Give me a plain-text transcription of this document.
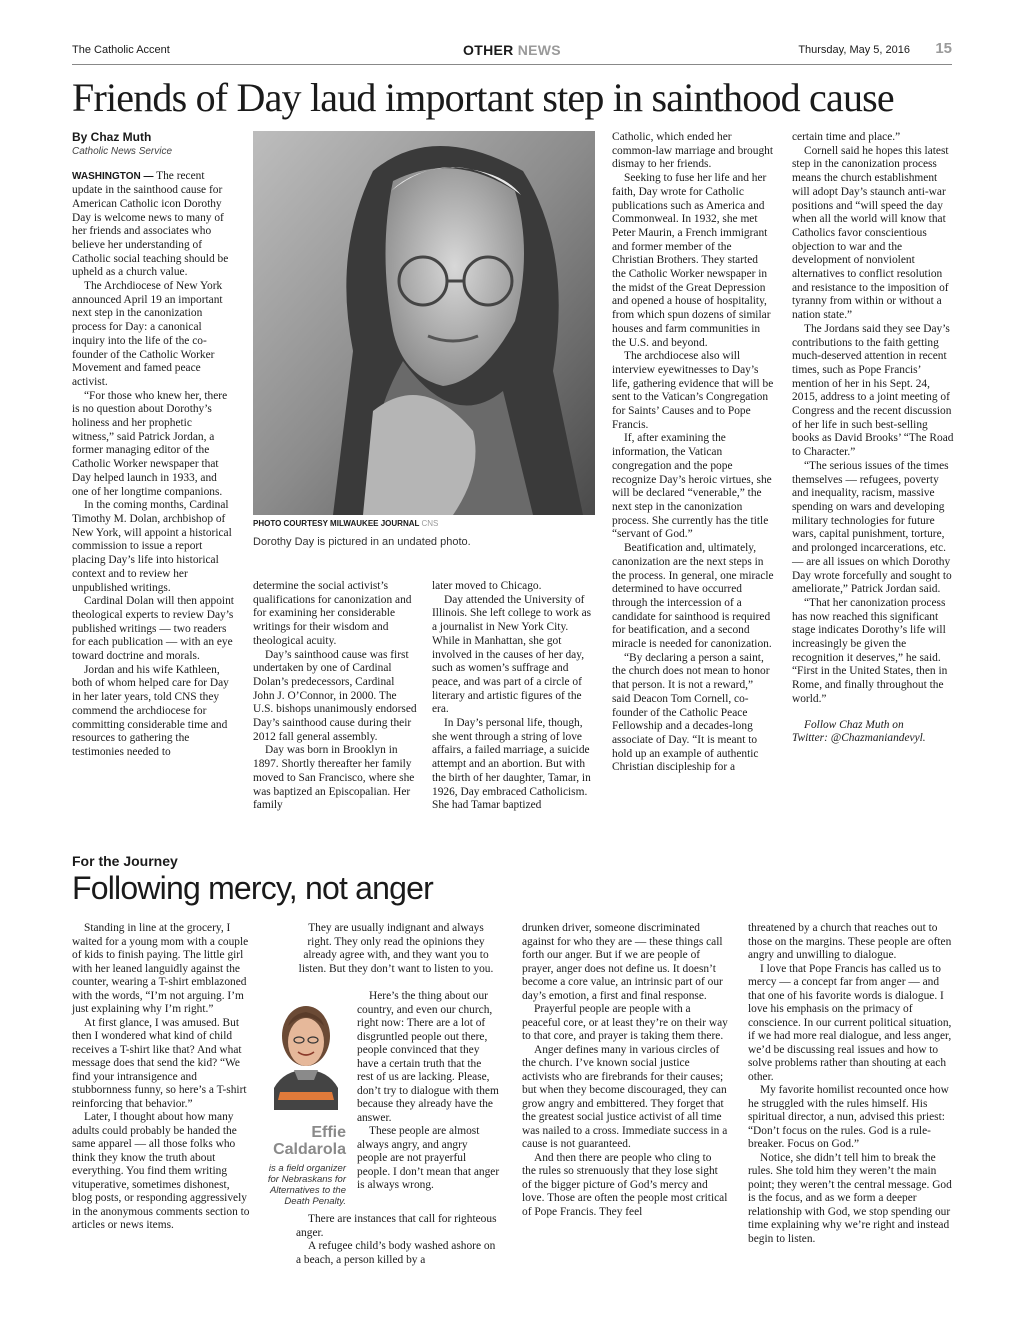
The Catholic Accent	OTHER NEWS	Thursday, May 5, 2016 15
Friends of Day laud important step in sainthood cause
By Chaz Muth
Catholic News Service

WASHINGTON — The recent update in the sainthood cause for American Catholic icon Dorothy Day is welcome news to many of her friends and associates who believe her understanding of Catholic social teaching should be upheld as a church value.

The Archdiocese of New York announced April 19 an important next step in the canonization process for Day: a canonical inquiry into the life of the co-founder of the Catholic Worker Movement and famed peace activist.

“For those who knew her, there is no question about Dorothy’s holiness and her prophetic witness,” said Patrick Jordan, a former managing editor of the Catholic Worker newspaper that Day helped launch in 1933, and one of her longtime companions.

In the coming months, Cardinal Timothy M. Dolan, archbishop of New York, will appoint a historical commission to issue a report placing Day’s life into historical context and to review her unpublished writings.

Cardinal Dolan will then appoint theological experts to review Day’s published writings — two readers for each publication — with an eye toward doctrine and morals.

Jordan and his wife Kathleen, both of whom helped care for Day in her later years, told CNS they commend the archdiocese for committing considerable time and resources to gathering the testimonies needed to

PHOTO COURTESY MILWAUKEE JOURNAL CNS
Dorothy Day is pictured in an undated photo.

determine the social activist’s qualifications for canonization and for examining her considerable writings for their wisdom and theological acuity.

Day’s sainthood cause was first undertaken by one of Cardinal Dolan’s predecessors, Cardinal John J. O’Connor, in 2000. The U.S. bishops unanimously endorsed Day’s sainthood cause during their 2012 fall general assembly.

Day was born in Brooklyn in 1897. Shortly thereafter her family moved to San Francisco, where she was baptized an Episcopalian. Her family

later moved to Chicago.

Day attended the University of Illinois. She left college to work as a journalist in New York City. While in Manhattan, she got involved in the causes of her day, such as women’s suffrage and peace, and was part of a circle of literary and artistic figures of the era.

In Day’s personal life, though, she went through a string of love affairs, a failed marriage, a suicide attempt and an abortion. But with the birth of her daughter, Tamar, in 1926, Day embraced Catholicism. She had Tamar baptized

Catholic, which ended her common-law marriage and brought dismay to her friends.

Seeking to fuse her life and her faith, Day wrote for Catholic publications such as America and Commonweal. In 1932, she met Peter Maurin, a French immigrant and former member of the Christian Brothers. They started the Catholic Worker newspaper in the midst of the Great Depression and opened a house of hospitality, from which spun dozens of similar houses and farm communities in the U.S. and beyond.

The archdiocese also will interview eyewitnesses to Day’s life, gathering evidence that will be sent to the Vatican’s Congregation for Saints’ Causes and to Pope Francis.

If, after examining the information, the Vatican congregation and the pope recognize Day’s heroic virtues, she will be declared “venerable,” the next step in the canonization process. She currently has the title “servant of God.”

Beatification and, ultimately, canonization are the next steps in the process. In general, one miracle determined to have occurred through the intercession of a candidate for sainthood is required for beatification, and a second miracle is needed for canonization.

“By declaring a person a saint, the church does not mean to honor that person. It is not a reward,” said Deacon Tom Cornell, co-founder of the Catholic Peace Fellowship and a decades-long associate of Day. “It is meant to hold up an example of authentic Christian discipleship for a

certain time and place.”

Cornell said he hopes this latest step in the canonization process means the church establishment will adopt Day’s staunch anti-war positions and “will speed the day when all the world will know that Catholics favor conscientious objection to war and the development of nonviolent alternatives to conflict resolution and resistance to the imposition of tyranny from within or without a nation state.”

The Jordans said they see Day’s contributions to the faith getting much-deserved attention in recent times, such as Pope Francis’ mention of her in his Sept. 24, 2015, address to a joint meeting of Congress and the recent discussion of her life in such best-selling books as David Brooks’ “The Road to Character.”

“The serious issues of the times themselves — refugees, poverty and inequality, racism, massive spending on wars and developing military technologies for future wars, capital punishment, torture, and prolonged incarcerations, etc. — are all issues on which Dorothy Day wrote forcefully and sought to ameliorate,” Patrick Jordan said.

“That her canonization process has now reached this significant stage indicates Dorothy’s life will increasingly be given the recognition it deserves,” he said. “First in the United States, then in Rome, and finally throughout the world.”

Follow Chaz Muth on

Twitter: @Chazmaniandevyl.

For the Journey
Following mercy, not anger

Standing in line at the grocery, I waited for a young mom with a couple of kids to finish paying. The little girl with her leaned languidly against the counter, wearing a T-shirt emblazoned with the words, “I’m not arguing. I’m just explaining why I’m right.”

At first glance, I was amused. But then I wondered what kind of child receives a T-shirt like that? And what message does that send the kid? “We find your intransigence and stubbornness funny, so here’s a T-shirt reinforcing that behavior.”

Later, I thought about how many adults could probably be handed the same apparel — all those folks who think they know the truth about everything. You find them writing vituperative, sometimes dishonest, blog posts, or responding aggressively in the anonymous comments section to articles or news items.

They are usually indignant and always right. They only read the opinions they already agree with, and they want you to listen. But they don’t want to listen to you.

Effie
Caldarola
is a field organizer for Nebraskans for Alternatives to the Death Penalty.

Here’s the thing about our country, and even our church, right now: There are a lot of disgruntled people out there, people convinced that they have a certain truth that the rest of us are lacking. Please, don’t try to dialogue with them because they already have the answer.

These people are almost always angry, and angry people are not prayerful people. I don’t mean that anger is always wrong.

There are instances that call for righteous anger.

A refugee child’s body washed ashore on a beach, a person killed by a

drunken driver, someone discriminated against for who they are — these things call forth our anger. But if we are people of prayer, anger does not define us. It doesn’t become a core value, an intrinsic part of our day’s emotion, a first and final response.

Prayerful people are people with a peaceful core, or at least they’re on their way to that core, and prayer is taking them there.

Anger defines many in various circles of the church. I’ve known social justice activists who are firebrands for their causes; but when they become discouraged, they can grow angry and embittered. They forget that the greatest social justice activist of all time was nailed to a cross. Immediate success in a cause is not guaranteed.

And then there are people who cling to the rules so strenuously that they lose sight of the bigger picture of God’s mercy and love. Those are often the people most critical of Pope Francis. They feel

threatened by a church that reaches out to those on the margins. These people are often angry and unwilling to dialogue.

I love that Pope Francis has called us to mercy — a concept far from anger — and that one of his favorite words is dialogue. I love his emphasis on the primacy of conscience. In our current political situation, if we had more real dialogue, and less anger, we’d be discussing real issues and how to solve problems rather than shouting at each other.

My favorite homilist recounted once how he struggled with the rules himself. His spiritual director, a nun, advised this priest: “Don’t focus on the rules. God is a rule-breaker. Focus on God.”

Notice, she didn’t tell him to break the rules. She told him they weren’t the main point; they weren’t the central message. God is the focus, and as we form a deeper relationship with God, we stop spending our time explaining why we’re right and instead begin to listen.
